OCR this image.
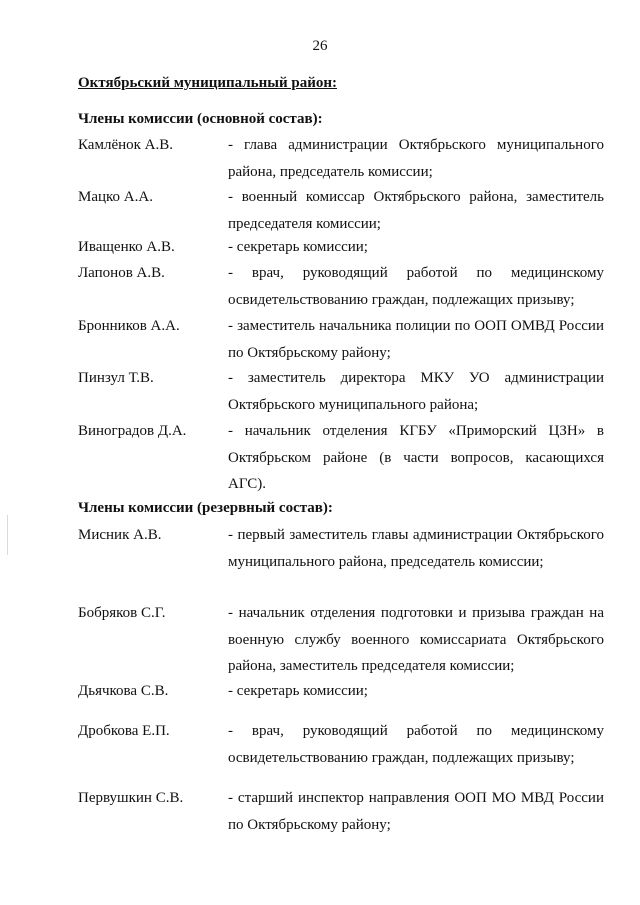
26
Октябрьский муниципальный район:
Члены комиссии (основной состав):
Камлёнок А.В.	- глава администрации Октябрьского муниципального района, председатель комиссии;
Мацко А.А.	- военный комиссар Октябрьского района, заместитель председателя комиссии;
Иващенко А.В.	- секретарь комиссии;
Лапонов А.В.	- врач, руководящий работой по медицинскому освидетельствованию граждан, подлежащих призыву;
Бронников А.А.	- заместитель начальника полиции по ООП ОМВД России по Октябрьскому району;
Пинзул Т.В.	- заместитель директора МКУ УО администрации Октябрьского муниципального района;
Виноградов Д.А.	- начальник отделения КГБУ «Приморский ЦЗН» в Октябрьском районе (в части вопросов, касающихся АГС).
Члены комиссии (резервный состав):
Мисник А.В.	- первый заместитель главы администрации Октябрьского муниципального района, председатель комиссии;
Бобряков С.Г.	- начальник отделения подготовки и призыва граждан на военную службу военного комиссариата Октябрьского района, заместитель председателя комиссии;
Дьячкова С.В.	- секретарь комиссии;
Дробкова Е.П.	- врач, руководящий работой по медицинскому освидетельствованию граждан, подлежащих призыву;
Первушкин С.В.	- старший инспектор направления ООП МО МВД России по Октябрьскому району;
